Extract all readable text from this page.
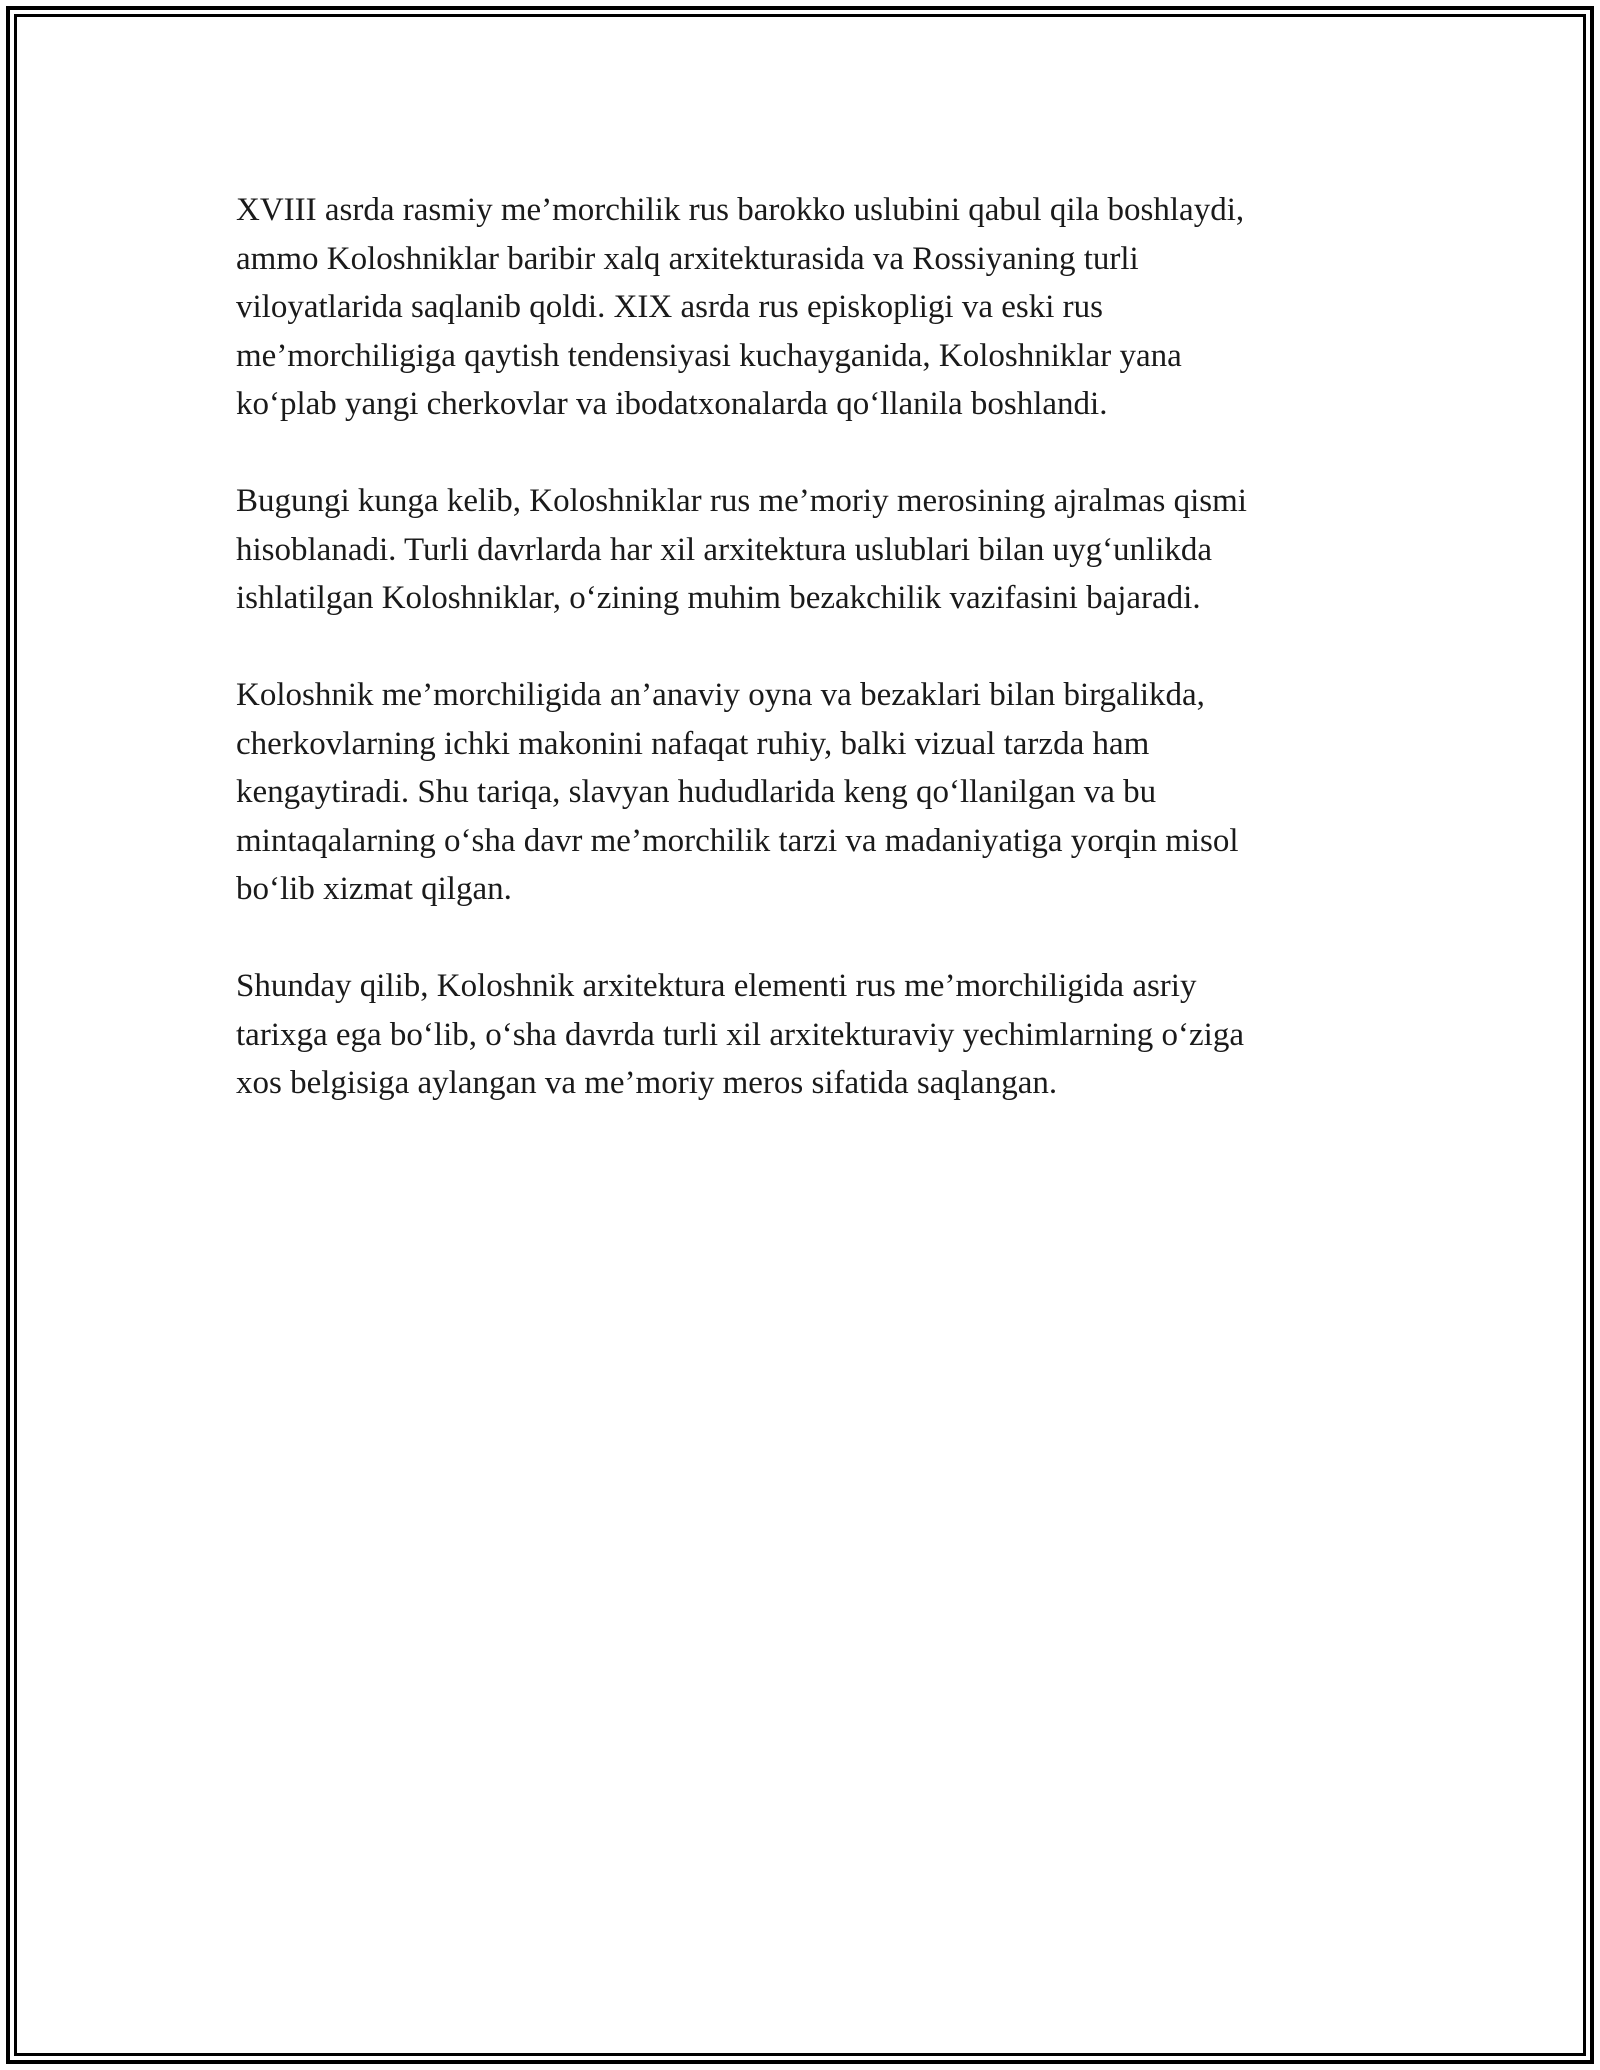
XVIII asrda rasmiy me’morchilik rus barokko uslubini qabul qila boshlaydi,
ammo Koloshniklar baribir xalq arxitekturasida va Rossiyaning turli
viloyatlarida saqlanib qoldi. XIX asrda rus episkopligi va eski rus
me’morchiligiga qaytish tendensiyasi kuchayganida, Koloshniklar yana
ko‘plab yangi cherkovlar va ibodatxonalarda qo‘llanila boshlandi.

Bugungi kunga kelib, Koloshniklar rus me’moriy merosining ajralmas qismi
hisoblanadi. Turli davrlarda har xil arxitektura uslublari bilan uyg‘unlikda
ishlatilgan Koloshniklar, o‘zining muhim bezakchilik vazifasini bajaradi.

Koloshnik me’morchiligida an’anaviy oyna va bezaklari bilan birgalikda,
cherkovlarning ichki makonini nafaqat ruhiy, balki vizual tarzda ham
kengaytiradi. Shu tariqa, slavyan hududlarida keng qo‘llanilgan va bu
mintaqalarning o‘sha davr me’morchilik tarzi va madaniyatiga yorqin misol
bo‘lib xizmat qilgan.

Shunday qilib, Koloshnik arxitektura elementi rus me’morchiligida asriy
tarixga ega bo‘lib, o‘sha davrda turli xil arxitekturaviy yechimlarning o‘ziga
xos belgisiga aylangan va me’moriy meros sifatida saqlangan.
